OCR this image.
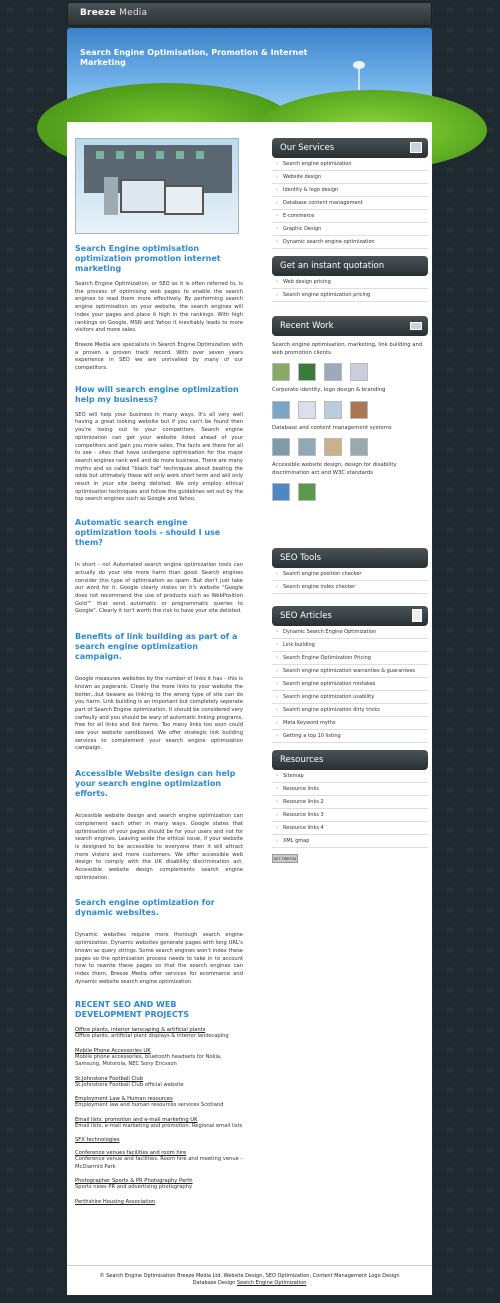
Breeze Media
Search Engine Optimisation, Promotion & Internet Marketing
Search Engine optimisation optimization promotion internet marketing

Search Engine Optimization, or SEO as it is often referred to, is the process of optimising web pages to enable the search engines to read them more effectively. By performing search engine optimisation on your website, the search engines will index your pages and place it high in the rankings. With high rankings on Google, MSN and Yahoo it inevitably leads to more visitors and more sales.

Breeze Media are specialists in Search Engine Optimization with a proven a proven track record. With over seven years experience in SEO we are unrivalled by many of our competitors.

How will search engine optimization help my business?

SEO will help your business in many ways. It's all very well having a great looking website but if you can't be found then you're losing out to your competitors. Search engine optimization can get your website listed ahead of your competitors and gain you more sales. The facts are there for all to see - sites that have undergone optimisation for the major search engines rank well and do more business. There are many myths and so called "black hat" techniques about beating the odds but ultimately these will only work short term and will only result in your site being delisted. We only employ ethical optimisation techniques and follow the guidelines set out by the top search engines such as Google and Yahoo.

Automatic search engine optimization tools - should I use them?

In short - no! Automated search engine optimization tools can actually do your site more harm than good. Search engines consider this type of optimisation as spam. But don't just take our word for it. Google clearly states on it's website "Google does not recommend the use of products such as WebPosition Gold™ that send automatic or programmatic queries to Google". Clearly it isn't worth the risk to have your site delisted.

Benefits of link building as part of a search engine optimization campaign.

Google measures websites by the number of links it has - this is known as pagerank. Clearly the more links to your website the better...but beware as linking to the wrong type of site can do you harm. Link building is an important but completely seperate part of Search Engine optimization. It should be considered very carfeully and you should be wary of automatic linking programs, free for all links and link farms. Too many links too soon could see your website sandboxed. We offer strategic link building services to complement your search engine optimization campaign.

Accessible Website design can help your search engine optimization efforts.

Accessible website design and search engine optimization can complement each other in many ways. Google states that optimisation of your pages should be for your users and not for search engines. Leaving aside the ethical issue, if your website is designed to be accessible to everyone then it will attract more visters and more customers. We offer accessible web design to comply with the UK disability discrimination act. Accessible website design complements search engine optimization.

Search engine optimization for dynamic websites.

Dynamic websites require more thorough search engine optimization. Dynamic websites generate pages with long URL's known as query strings. Some search engines won't index these pages so the optimisation process needs to take in to account how to rewrite these pages so that the search engines can index them. Breeze Media offer services for ecommerce and dynamic website search engine optimization.

RECENT SEO AND WEB DEVELOPMENT PROJECTS
Office plants, interior lanscaping & artificial plants
Office plants, artificial plant displays & interior landscaping
Mobile Phone Accessories UK
Mobile phone accessories, bluetooth headsets for Nokia, Samsung, Motorola, NEC Sony Ericsson
St.Johnstone Football Club
St.Johnstone Football Club official website
Employment Law & Human resources
Employment law and human resources services Scotland
Email lists, promotion and e-mail marketing UK
Email lists, e-mail marketing and promotion. Regional email lists
SFX technologies
Conference venues facilities and room hire
Conference venue and facilities. Room hire and meeting venue - McDiarmid Park
Photographer Sports & PR Photography Perth
Sports news PR and advertising photography
Perthshire Housing Association
Our Services
› Search engine optimization
› Website design
› Identity & logo design
› Database content management
› E-commerce
› Graphic Design
› Dynamic search engine optimization
Get an instant quotation
› Web design pricing
› Search engine optimization pricing
Recent Work
Search engine optimisation, marketing, link building and web promotion clients.
Corporate identity, logo design & branding
Database and content management systems
Accessible website design, design for disability discrimination act and W3C standards
SEO Tools
› Search engine position checker
› Search engine index checker
SEO Articles
› Dynamic Search Engine Optimization
› Link building
› Search Engine Optimization Pricing
› Search engine optimization warranties & guarantees
› Search engine optimization mistakes
› Search engine optimization usability
› Search engine optimization dirty tricks
› Meta Keyword myths
› Getting a top 10 listing
Resources
› Sitemap
› Resource links
› Resource links 2
› Resource links 3
› Resource links 4
› XML gmap
GET FIREFOX
© Search Engine Optimisation Breeze Media Ltd. Website Design, SEO Optimization, Content Management Logo Design
Database Design Search Engine Optimization
